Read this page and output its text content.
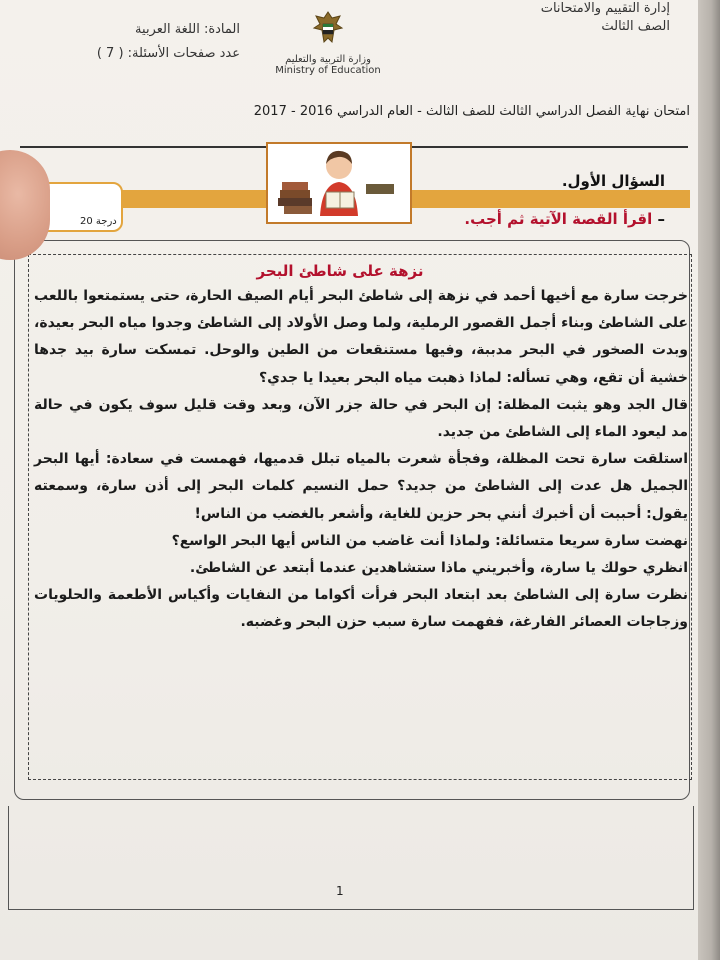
إدارة التقييم والامتحانات
الصف الثالث
وزارة التربية والتعليم
Ministry of Education
المادة: اللغة العربية
عدد صفحات الأسئلة: ( 7 )
امتحان نهاية الفصل الدراسي الثالث للصف الثالث - العام الدراسي 2016 - 2017
السؤال الأول.
– اقرأ القصة الآتية ثم أجب.
20 درجة
نزهة على شاطئ البحر

خرجت سارة مع أخيها أحمد في نزهة إلى شاطئ البحر أيام الصيف الحارة، حتى يستمتعوا باللعب على الشاطئ وبناء أجمل القصور الرملية، ولما وصل الأولاد إلى الشاطئ وجدوا مياه البحر بعيدة، وبدت الصخور في البحر مدببة، وفيها مستنقعات من الطين والوحل. تمسكت سارة بيد جدها خشية أن تقع، وهي تسأله: لماذا ذهبت مياه البحر بعيدا يا جدي؟

قال الجد وهو يثبت المظلة: إن البحر في حالة جزر الآن، وبعد وقت قليل سوف يكون في حالة مد ليعود الماء إلى الشاطئ من جديد.

استلقت سارة تحت المظلة، وفجأة شعرت بالمياه تبلل قدميها، فهمست في سعادة: أيها البحر الجميل هل عدت إلى الشاطئ من جديد؟ حمل النسيم كلمات البحر إلى أذن سارة، وسمعته يقول: أحببت أن أخبرك أنني بحر حزين للغاية، وأشعر بالغضب من الناس!

نهضت سارة سريعا متسائلة: ولماذا أنت غاضب من الناس أيها البحر الواسع؟

انظري حولك يا سارة، وأخبريني ماذا ستشاهدين عندما أبتعد عن الشاطئ.

نظرت سارة إلى الشاطئ بعد ابتعاد البحر فرأت أكواما من النفايات وأكياس الأطعمة والحلويات وزجاجات العصائر الفارغة، ففهمت سارة سبب حزن البحر وغضبه.

1
